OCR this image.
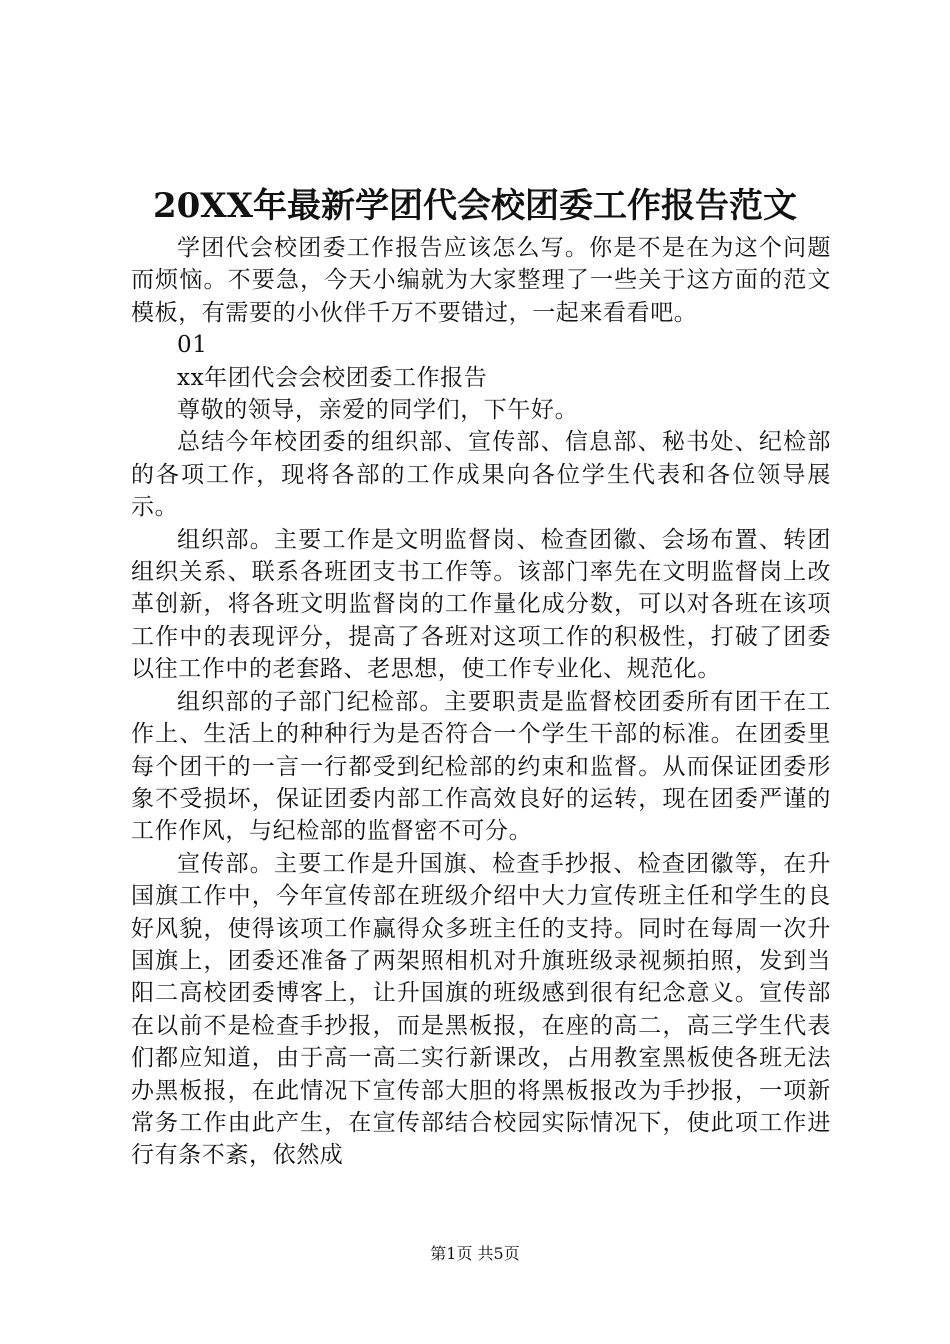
20XX年最新学团代会校团委工作报告范文

学团代会校团委工作报告应该怎么写。你是不是在为这个问题而烦恼。不要急，今天小编就为大家整理了一些关于这方面的范文模板，有需要的小伙伴千万不要错过，一起来看看吧。

01

xx年团代会会校团委工作报告

尊敬的领导，亲爱的同学们，下午好。

总结今年校团委的组织部、宣传部、信息部、秘书处、纪检部的各项工作，现将各部的工作成果向各位学生代表和各位领导展示。

组织部。主要工作是文明监督岗、检查团徽、会场布置、转团组织关系、联系各班团支书工作等。该部门率先在文明监督岗上改革创新，将各班文明监督岗的工作量化成分数，可以对各班在该项工作中的表现评分，提高了各班对这项工作的积极性，打破了团委以往工作中的老套路、老思想，使工作专业化、规范化。

组织部的子部门纪检部。主要职责是监督校团委所有团干在工作上、生活上的种种行为是否符合一个学生干部的标准。在团委里每个团干的一言一行都受到纪检部的约束和监督。从而保证团委形象不受损坏，保证团委内部工作高效良好的运转，现在团委严谨的工作作风，与纪检部的监督密不可分。

宣传部。主要工作是升国旗、检查手抄报、检查团徽等，在升国旗工作中，今年宣传部在班级介绍中大力宣传班主任和学生的良好风貌，使得该项工作赢得众多班主任的支持。同时在每周一次升国旗上，团委还准备了两架照相机对升旗班级录视频拍照，发到当阳二高校团委博客上，让升国旗的班级感到很有纪念意义。宣传部在以前不是检查手抄报，而是黑板报，在座的高二，高三学生代表们都应知道，由于高一高二实行新课改，占用教室黑板使各班无法办黑板报，在此情况下宣传部大胆的将黑板报改为手抄报，一项新常务工作由此产生，在宣传部结合校园实际情况下，使此项工作进行有条不紊，依然成

第1页 共5页
